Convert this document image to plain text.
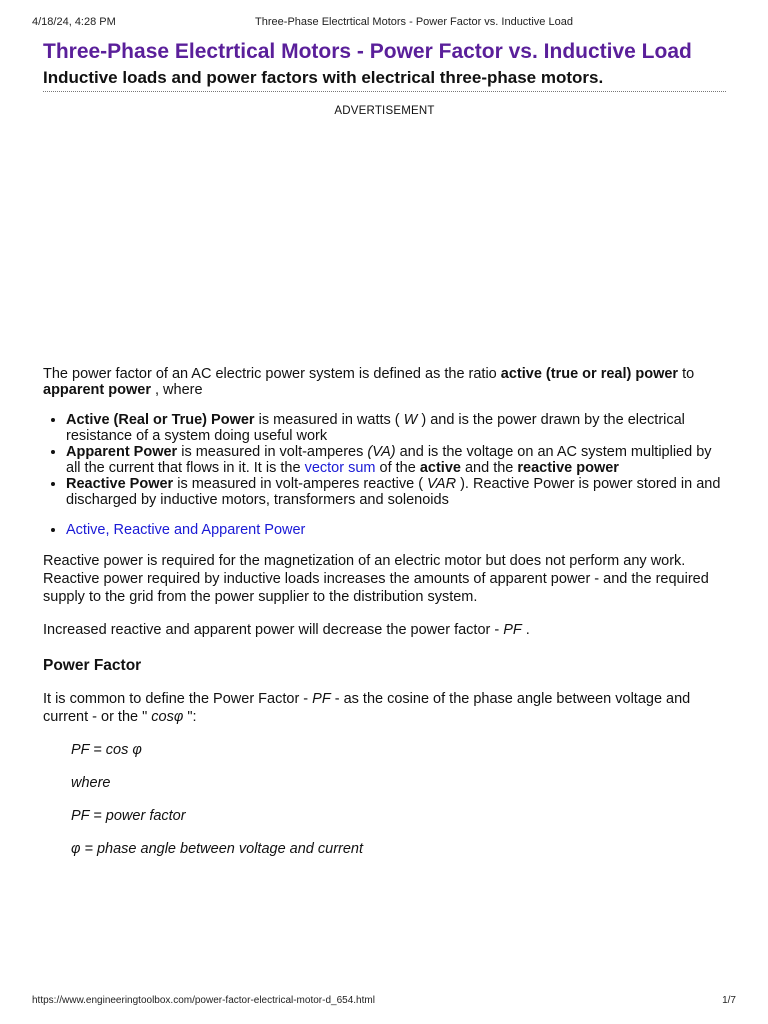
4/18/24, 4:28 PM	Three-Phase Electrtical Motors - Power Factor vs. Inductive Load
Three-Phase Electrtical Motors - Power Factor vs. Inductive Load
Inductive loads and power factors with electrical three-phase motors.
ADVERTISEMENT

The power factor of an AC electric power system is defined as the ratio active (true or real) power to apparent power , where

• Active (Real or True) Power is measured in watts ( W ) and is the power drawn by the electrical resistance of a system doing useful work
• Apparent Power is measured in volt-amperes (VA) and is the voltage on an AC system multiplied by all the current that flows in it. It is the vector sum of the active and the reactive power
• Reactive Power is measured in volt-amperes reactive ( VAR ). Reactive Power is power stored in and discharged by inductive motors, transformers and solenoids
• Active, Reactive and Apparent Power

Reactive power is required for the magnetization of an electric motor but does not perform any work. Reactive power required by inductive loads increases the amounts of apparent power - and the required supply to the grid from the power supplier to the distribution system.

Increased reactive and apparent power will decrease the power factor - PF .

Power Factor

It is common to define the Power Factor - PF - as the cosine of the phase angle between voltage and current - or the " cosφ ":

PF = cos φ

where

PF = power factor

φ = phase angle between voltage and current

https://www.engineeringtoolbox.com/power-factor-electrical-motor-d_654.html	1/7
